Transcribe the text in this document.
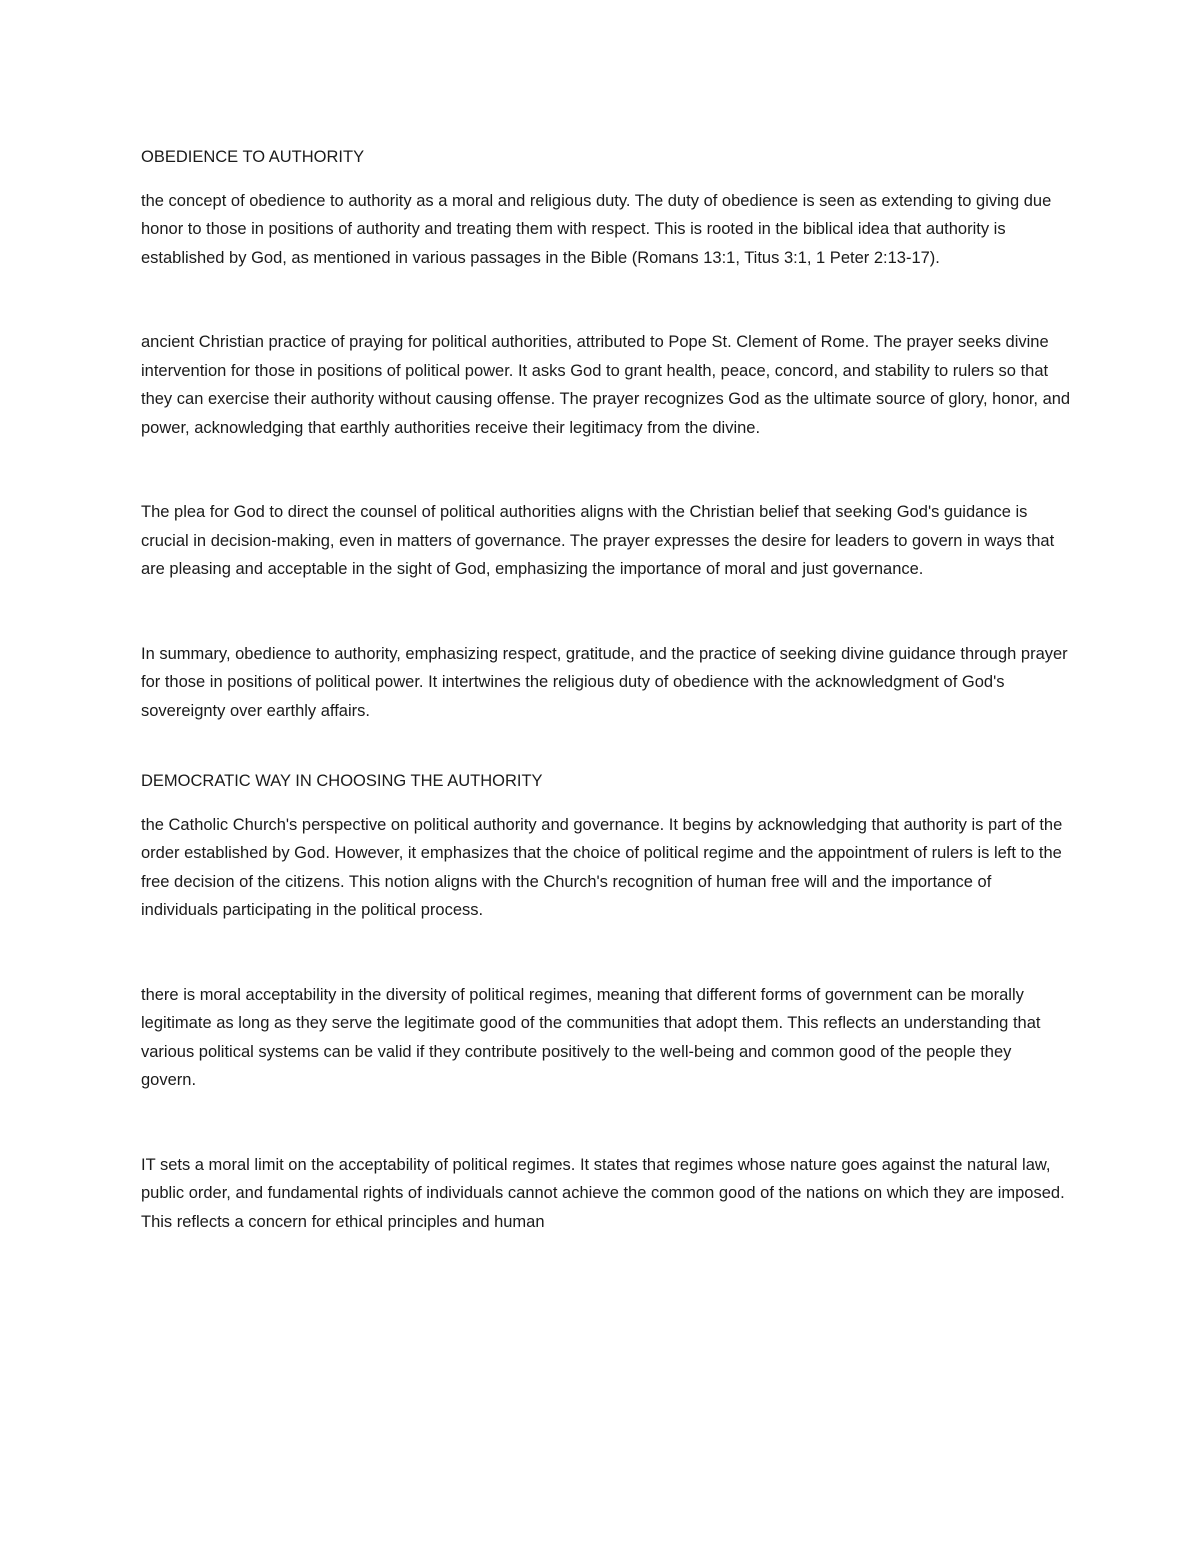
OBEDIENCE TO AUTHORITY

the concept of obedience to authority as a moral and religious duty. The duty of obedience is seen as extending to giving due honor to those in positions of authority and treating them with respect. This is rooted in the biblical idea that authority is established by God, as mentioned in various passages in the Bible (Romans 13:1, Titus 3:1, 1 Peter 2:13-17).

ancient Christian practice of praying for political authorities, attributed to Pope St. Clement of Rome. The prayer seeks divine intervention for those in positions of political power. It asks God to grant health, peace, concord, and stability to rulers so that they can exercise their authority without causing offense. The prayer recognizes God as the ultimate source of glory, honor, and power, acknowledging that earthly authorities receive their legitimacy from the divine.

The plea for God to direct the counsel of political authorities aligns with the Christian belief that seeking God's guidance is crucial in decision-making, even in matters of governance. The prayer expresses the desire for leaders to govern in ways that are pleasing and acceptable in the sight of God, emphasizing the importance of moral and just governance.

In summary, obedience to authority, emphasizing respect, gratitude, and the practice of seeking divine guidance through prayer for those in positions of political power. It intertwines the religious duty of obedience with the acknowledgment of God's sovereignty over earthly affairs.

DEMOCRATIC WAY IN CHOOSING THE AUTHORITY

the Catholic Church's perspective on political authority and governance. It begins by acknowledging that authority is part of the order established by God. However, it emphasizes that the choice of political regime and the appointment of rulers is left to the free decision of the citizens. This notion aligns with the Church's recognition of human free will and the importance of individuals participating in the political process.

there is moral acceptability in the diversity of political regimes, meaning that different forms of government can be morally legitimate as long as they serve the legitimate good of the communities that adopt them. This reflects an understanding that various political systems can be valid if they contribute positively to the well-being and common good of the people they govern.

IT sets a moral limit on the acceptability of political regimes. It states that regimes whose nature goes against the natural law, public order, and fundamental rights of individuals cannot achieve the common good of the nations on which they are imposed. This reflects a concern for ethical principles and human
